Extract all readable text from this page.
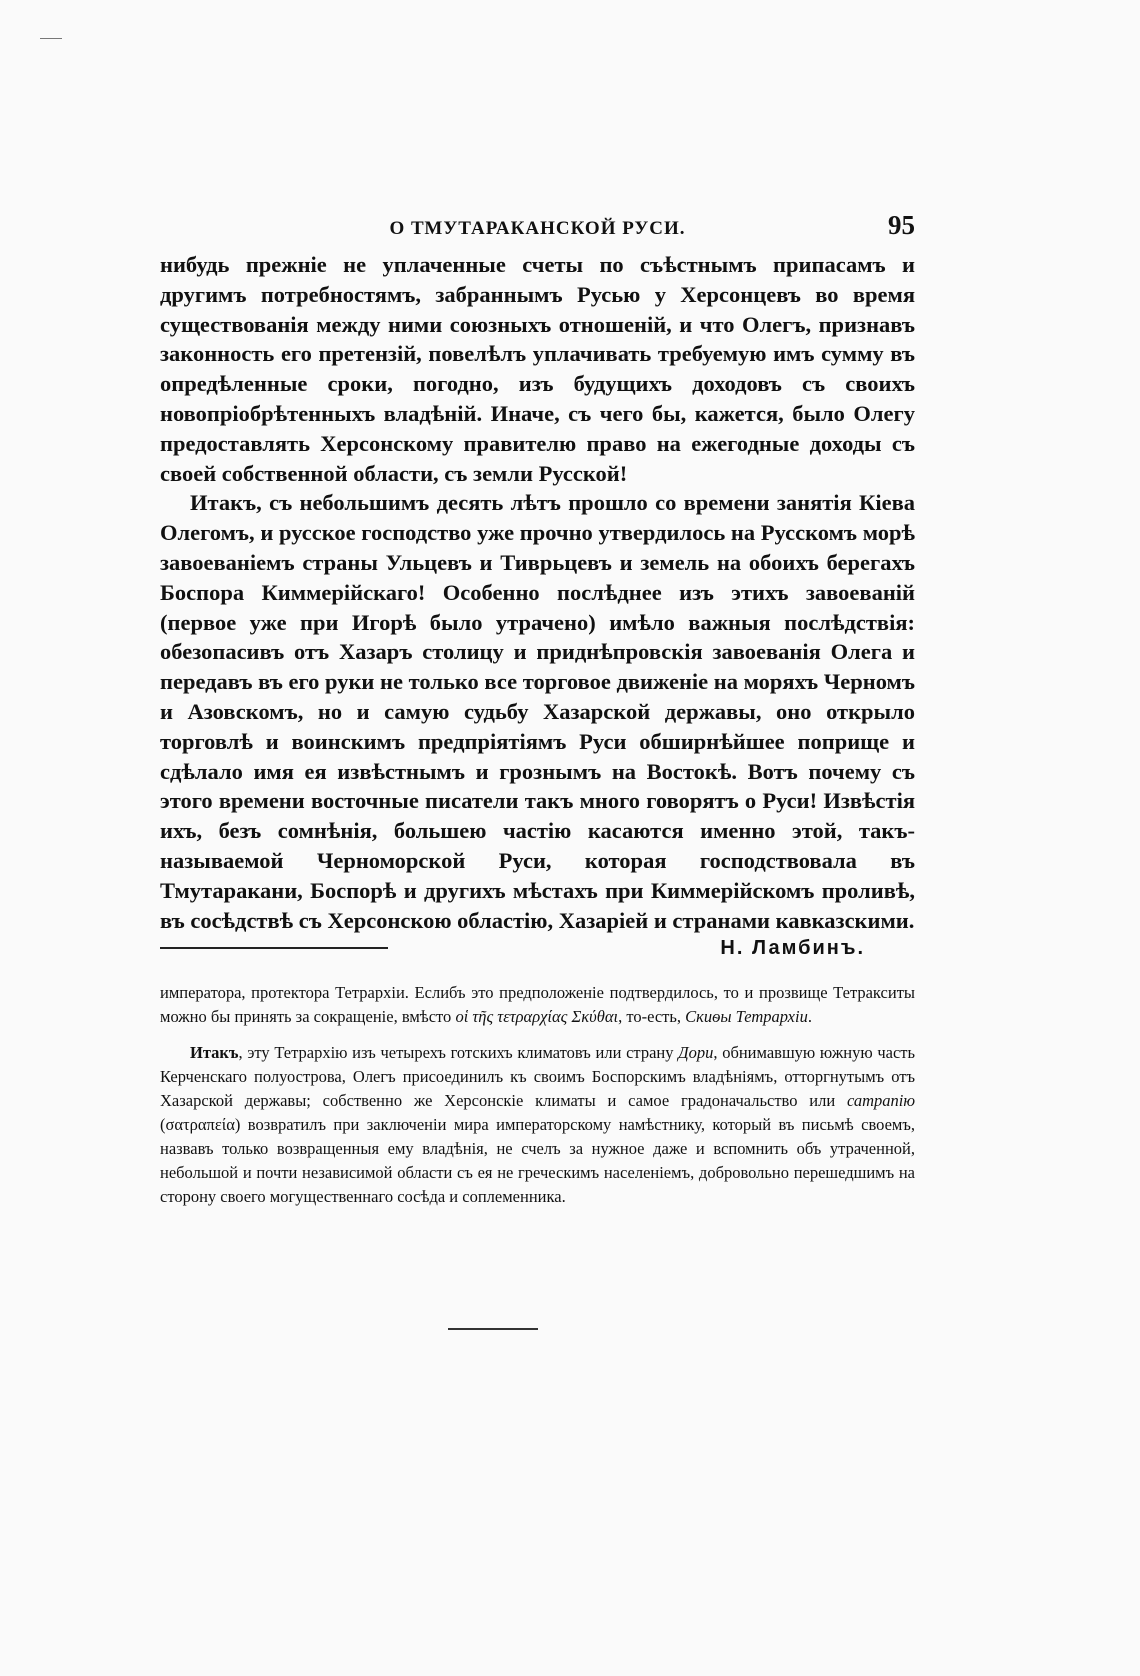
О ТМУТАРАКАНСКОЙ РУСИ.	95

нибудь прежнiе не уплаченные счеты по съѣстнымъ припасамъ и другимъ потребностямъ, забраннымъ Русью у Херсонцевъ во время существованiя между ними союзныхъ отношенiй, и что Олегъ, признавъ законность его претензiй, повелѣлъ уплачивать требуемую имъ сумму въ опредѣленные сроки, погодно, изъ будущихъ доходовъ съ своихъ новопрiобрѣтенныхъ владѣнiй. Иначе, съ чего бы, кажется, было Олегу предоставлять Херсонскому правителю право на ежегодные доходы съ своей собственной области, съ земли Русской!

Итакъ, съ небольшимъ десять лѣтъ прошло со времени занятiя Кiева Олегомъ, и русское господство уже прочно утвердилось на Русскомъ морѣ завоеванiемъ страны Ульцевъ и Тиврьцевъ и земель на обоихъ берегахъ Боспора Киммерiйскаго! Особенно послѣднее изъ этихъ завоеванiй (первое уже при Игорѣ было утрачено) имѣло важныя послѣдствiя: обезопасивъ отъ Хазаръ столицу и приднѣпровскiя завоеванiя Олега и передавъ въ его руки не только все торговое движенiе на моряхъ Черномъ и Азовскомъ, но и самую судьбу Хазарской державы, оно открыло торговлѣ и воинскимъ предпрiятiямъ Руси обширнѣйшее поприще и сдѣлало имя ея извѣстнымъ и грознымъ на Востокѣ. Вотъ почему съ этого времени восточные писатели такъ много говорятъ о Руси! Извѣстiя ихъ, безъ сомнѣнiя, большею частiю касаются именно этой, такъ-называемой Черноморской Руси, которая господствовала въ Тмутаракани, Боспорѣ и другихъ мѣстахъ при Киммерiйскомъ проливѣ, въ сосѣдствѣ съ Херсонскою областiю, Хазарiей и странами кавказскими.

Н. Ламбинъ.

императора, протектора Тетрархiи. Еслибъ это предположенiе подтвердилось, то и прозвище Тетракситы можно бы принять за сокращенiе, вмѣсто οἱ τῆς τετραρχίας Σκύθαι, то-есть, Скиѳы Тетрархiи.

Итакъ, эту Тетрархiю изъ четырехъ готскихъ климатовъ или страну Дори, обнимавшую южную часть Керченскаго полуострова, Олегъ присоединилъ къ своимъ Боспорскимъ владѣнiямъ, отторгнутымъ отъ Хазарской державы; собственно же Херсонскiе климаты и самое градоначальство или сатрапiю (σατραπεία) возвратилъ при заключенiи мира императорскому намѣстнику, который въ письмѣ своемъ, назвавъ только возвращенныя ему владѣнiя, не счелъ за нужное даже и вспомнить объ утраченной, небольшой и почти независимой области съ ея не греческимъ населенiемъ, добровольно перешедшимъ на сторону своего могущественнаго сосѣда и соплеменника.
